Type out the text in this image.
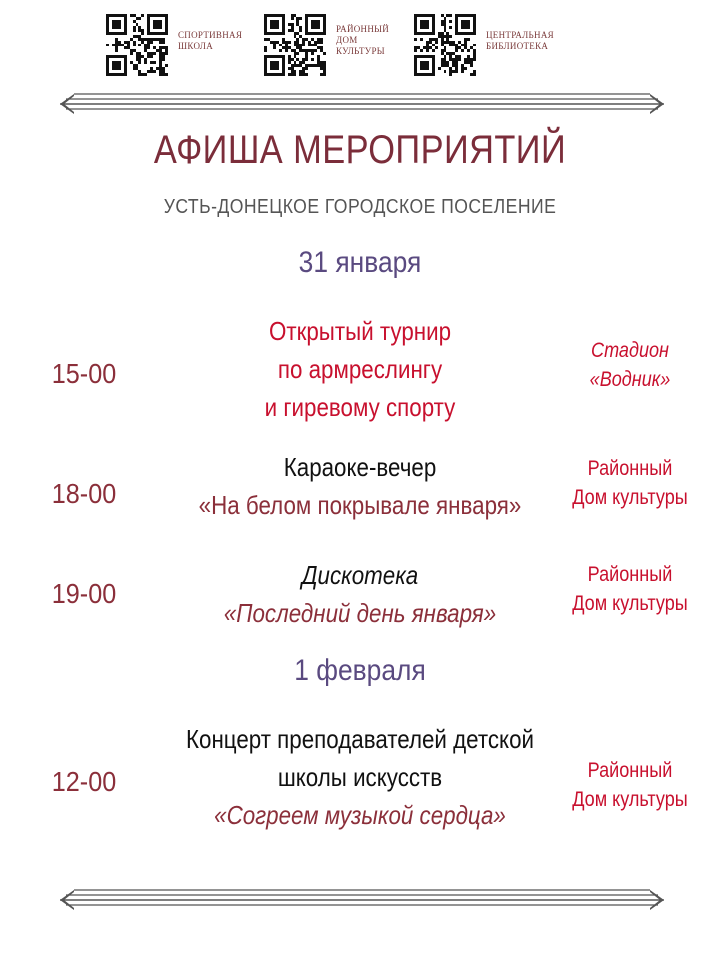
СПОРТИВНАЯ
ШКОЛА
РАЙОННЫЙ
ДОМ
КУЛЬТУРЫ
ЦЕНТРАЛЬНАЯ
БИБЛИОТЕКА
АФИША МЕРОПРИЯТИЙ
УСТЬ-ДОНЕЦКОЕ ГОРОДСКОЕ ПОСЕЛЕНИЕ
31 января
15-00
Открытый турнир
по армреслингу
и гиревому спорту
Стадион
«Водник»
18-00
Караоке-вечер
«На белом покрывале января»
Районный
Дом культуры
19-00
Дискотека
«Последний день января»
Районный
Дом культуры
1 февраля
12-00
Концерт преподавателей детской
школы искусств
«Согреем музыкой сердца»
Районный
Дом культуры
